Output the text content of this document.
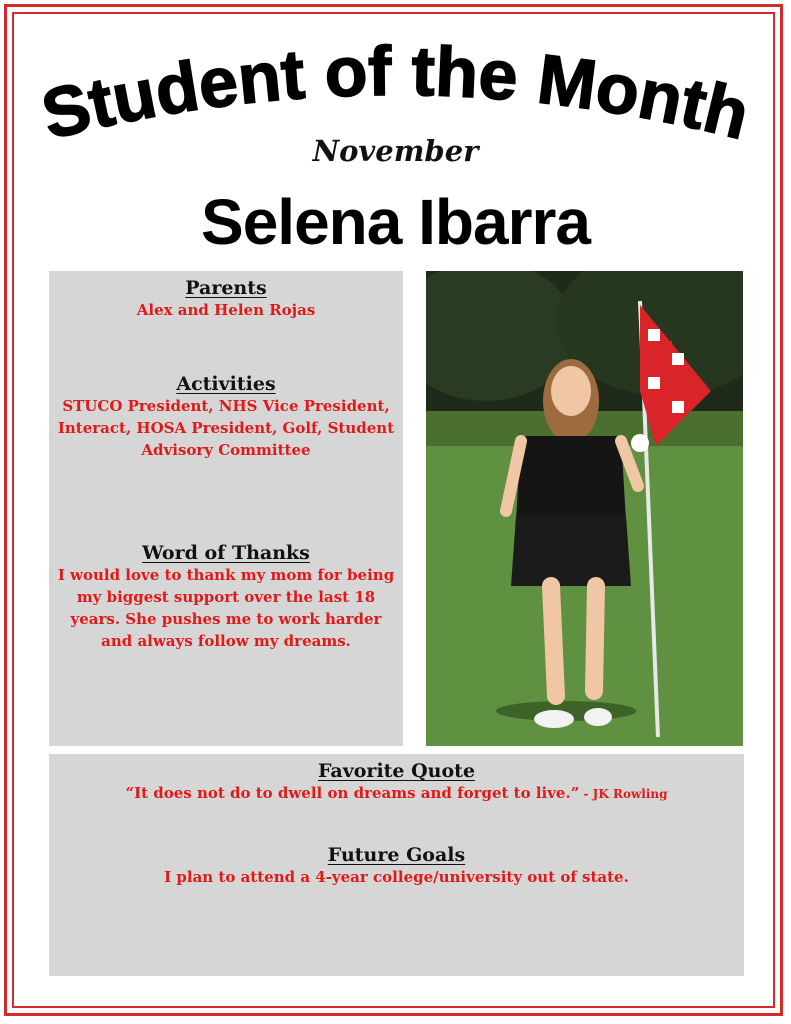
Student of the Month
November
Selena Ibarra
Parents
Alex and Helen Rojas
Activities
STUCO President, NHS Vice President, Interact, HOSA President, Golf, Student Advisory Committee
Word of Thanks
I would love to thank my mom for being my biggest support over the last 18 years. She pushes me to work harder and always follow my dreams.
Favorite Quote
“It does not do to dwell on dreams and forget to live.” - JK Rowling
Future Goals
I plan to attend a 4-year college/university out of state.
